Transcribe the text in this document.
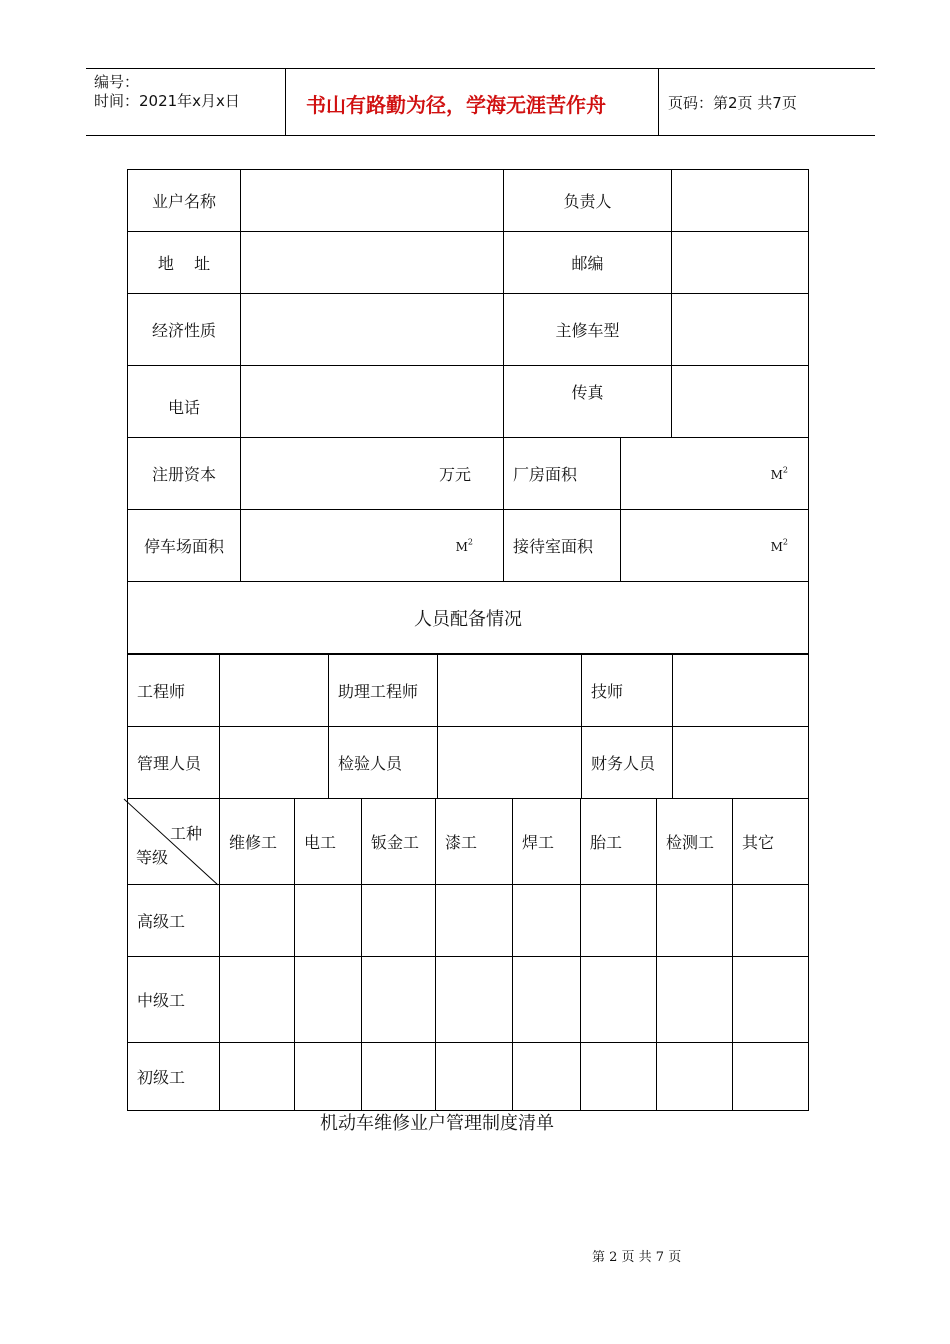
编号：
时间：2021年x月x日	书山有路勤为径，学海无涯苦作舟	页码：第2页 共7页
业户名称		负责人		
地    址		邮编		
经济性质		主修车型		
电话		传真		
注册资本	万元	厂房面积	$M^2$
停车场面积	$M^2$	接待室面积	$M^2$
人员配备情况				
工程师		助理工程师		技师	
管理人员		检验人员		财务人员	
工种
等级	维修工	电工	钣金工	漆工	焊工	胎工	检测工	其它
高级工								
中级工								
初级工								
机动车维修业户管理制度清单
第 2 页 共 7 页
